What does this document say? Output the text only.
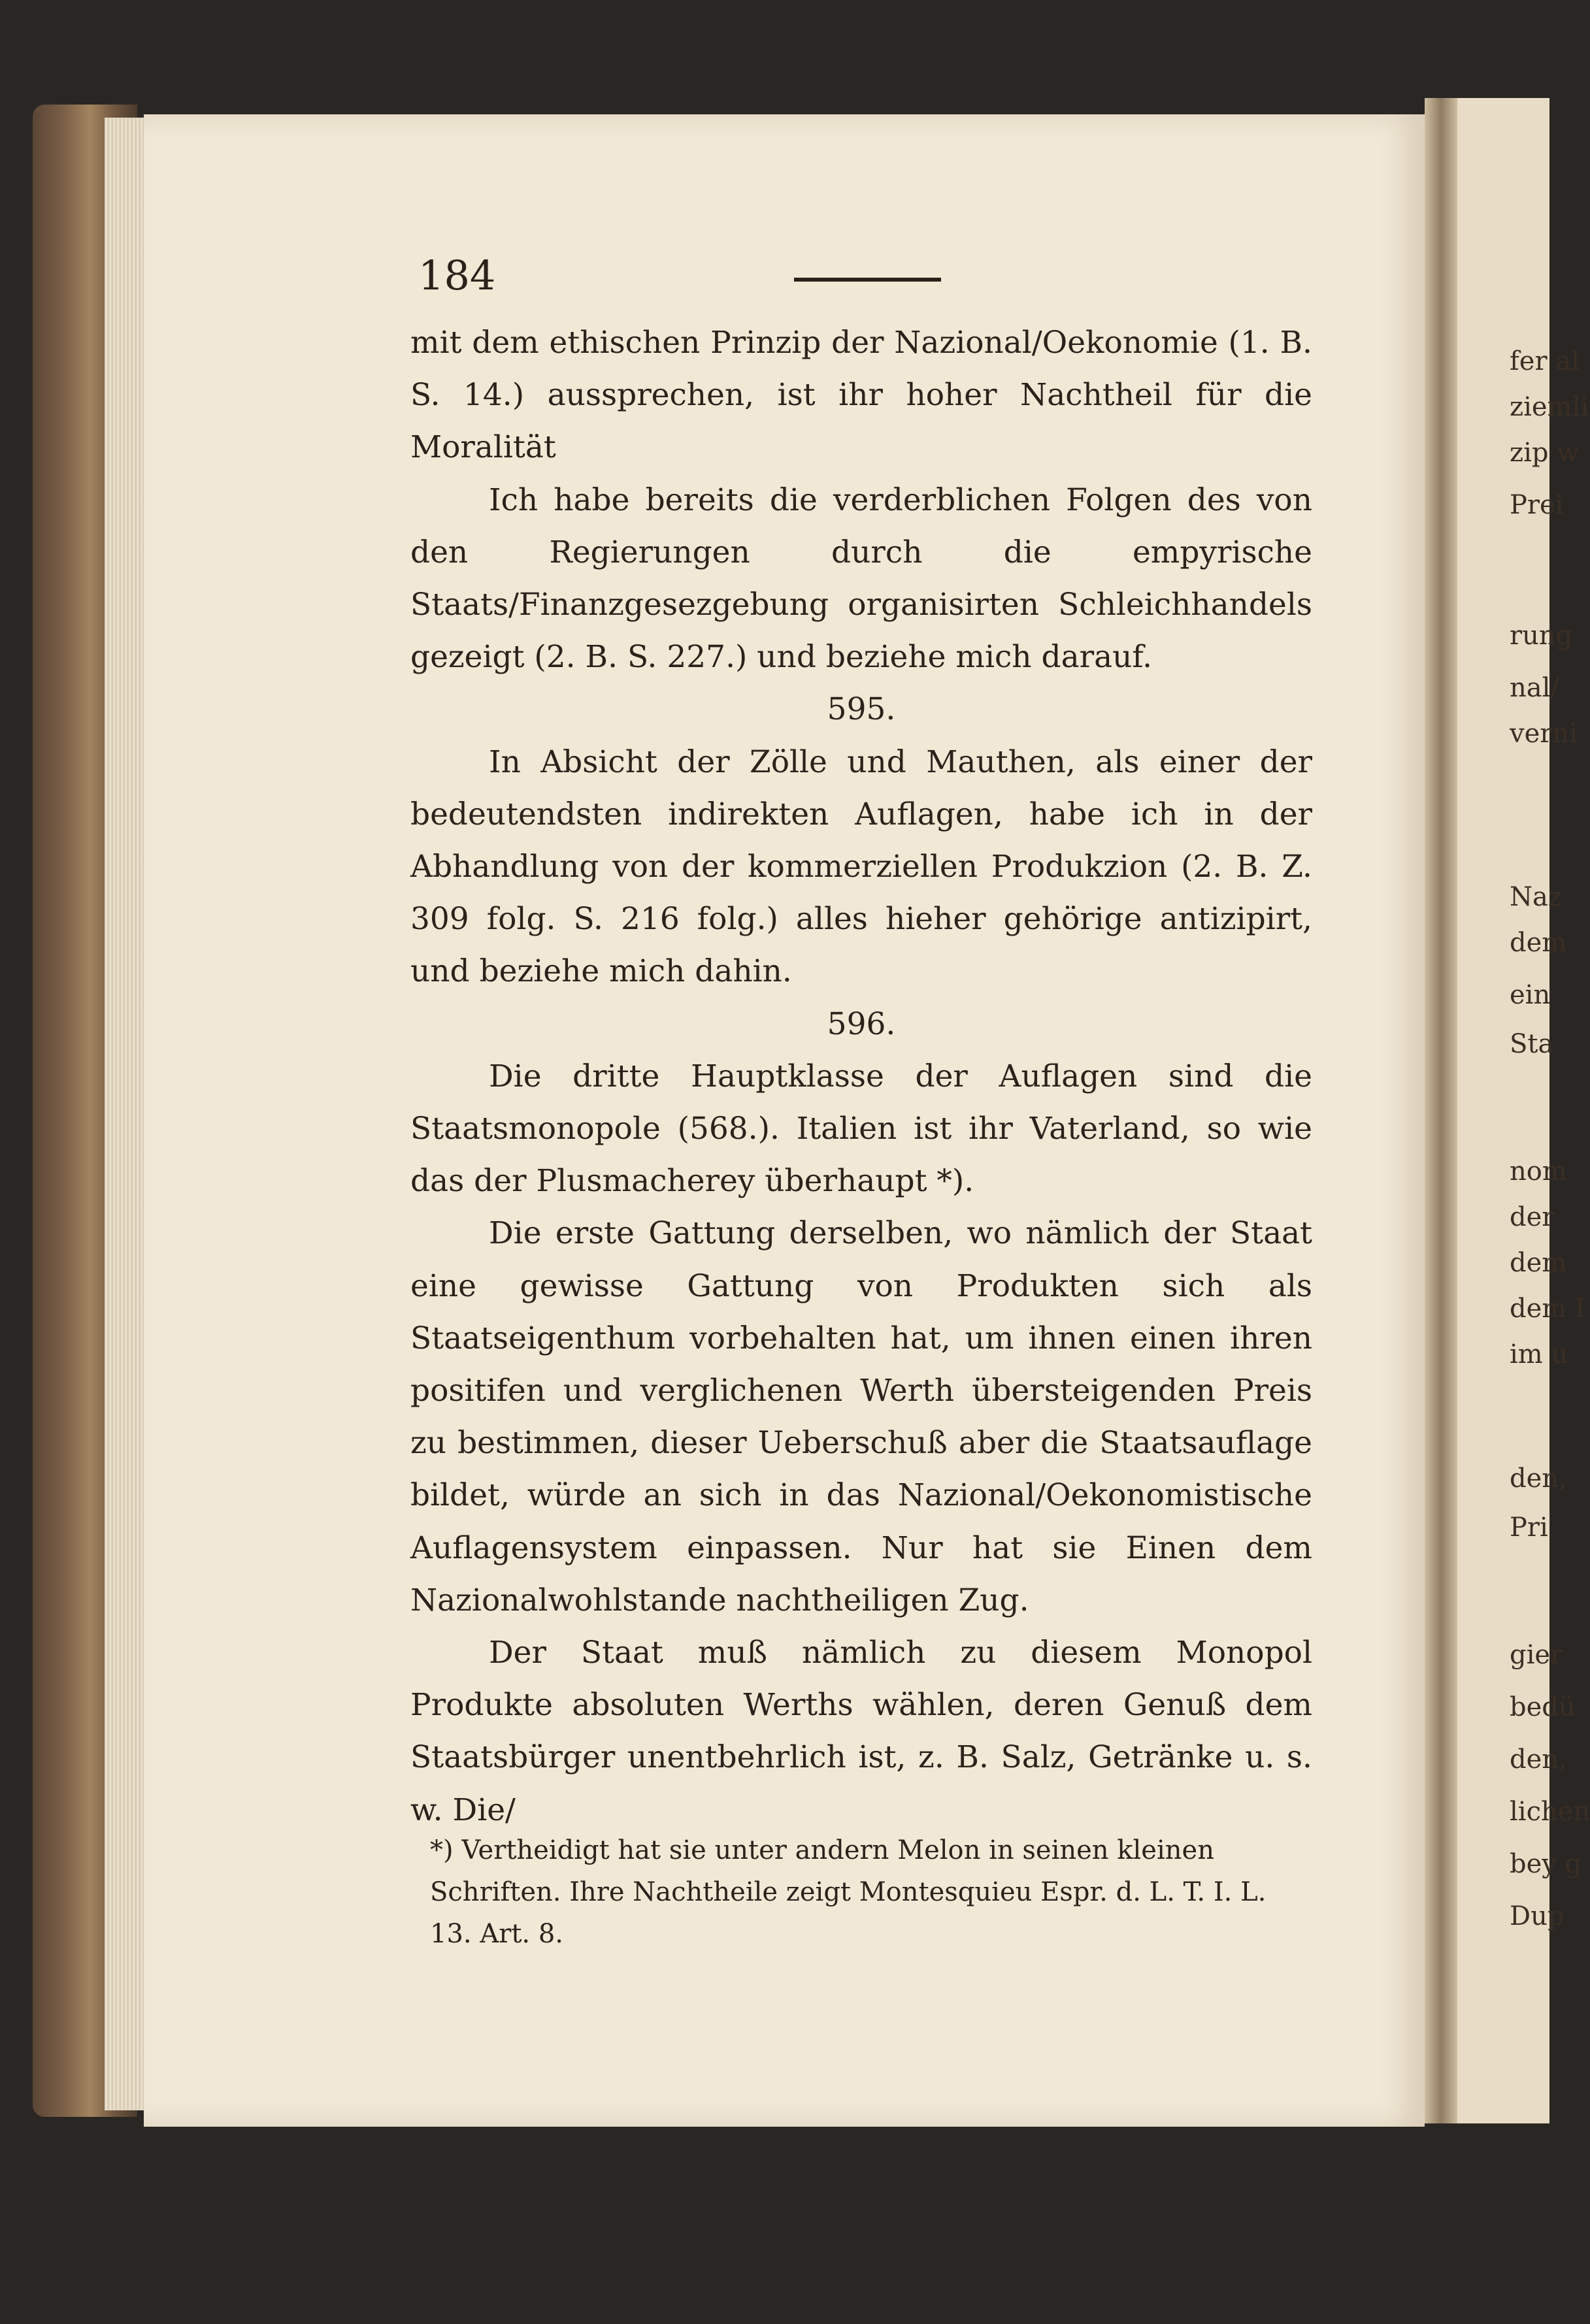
184

mit dem ethischen Prinzip der Nazional/Oekonomie (1. B. S. 14.) aussprechen, ist ihr hoher Nachtheil für die Moralität

Ich habe bereits die verderblichen Folgen des von den Regierungen durch die empyrische Staats/Finanzgesezgebung organisirten Schleichhandels gezeigt (2. B. S. 227.) und beziehe mich darauf.

595.

In Absicht der Zölle und Mauthen, als einer der bedeutendsten indirekten Auflagen, habe ich in der Abhandlung von der kommerziellen Produkzion (2. B. Z. 309 folg. S. 216 folg.) alles hieher gehörige antizipirt, und beziehe mich dahin.

596.

Die dritte Hauptklasse der Auflagen sind die Staatsmonopole (568.). Italien ist ihr Vaterland, so wie das der Plusmacherey überhaupt *).

Die erste Gattung derselben, wo nämlich der Staat eine gewisse Gattung von Produkten sich als Staatseigenthum vorbehalten hat, um ihnen einen ihren positifen und verglichenen Werth übersteigenden Preis zu bestimmen, dieser Ueberschuß aber die Staatsauflage bildet, würde an sich in das Nazional/Oekonomistische Auflagensystem einpassen. Nur hat sie Einen dem Nazionalwohlstande nachtheiligen Zug.

Der Staat muß nämlich zu diesem Monopol Produkte absoluten Werths wählen, deren Genuß dem Staatsbürger unentbehrlich ist, z. B. Salz, Getränke u. s. w. Die/

*) Vertheidigt hat sie unter andern Melon in seinen kleinen Schriften. Ihre Nachtheile zeigt Montesquieu Espr. d. L. T. I. L. 13. Art. 8.

fer al
ziemli
zip w
Prei
rung
nal/
verni
Naz
dem
ein
Sta
nom
der
dem
dem I
im u
den,
Pri
gier
bedü
den,
lichen
bey g
Dup
